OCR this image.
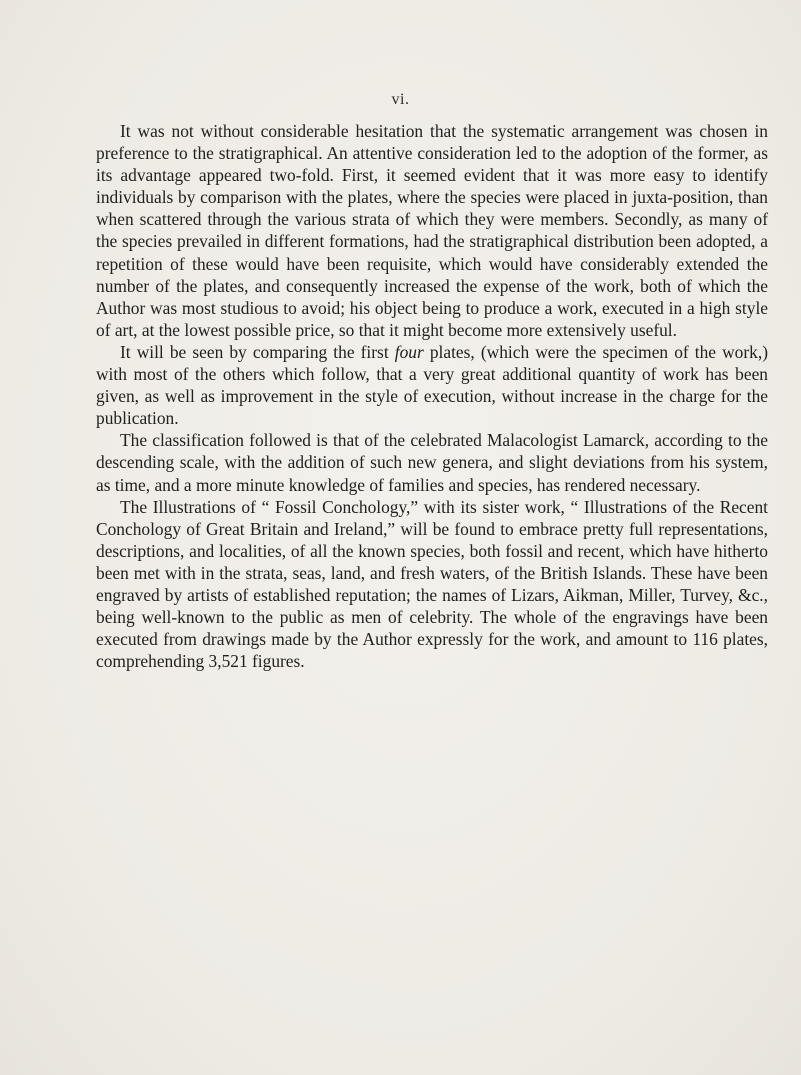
vi.

It was not without considerable hesitation that the systematic arrangement was chosen in preference to the stratigraphical. An attentive consideration led to the adoption of the former, as its advantage appeared two-fold. First, it seemed evident that it was more easy to identify individuals by comparison with the plates, where the species were placed in juxta-position, than when scattered through the various strata of which they were members. Secondly, as many of the species prevailed in different formations, had the stratigraphical distribution been adopted, a repetition of these would have been requisite, which would have considerably extended the number of the plates, and consequently increased the expense of the work, both of which the Author was most studious to avoid; his object being to produce a work, executed in a high style of art, at the lowest possible price, so that it might become more extensively useful.

It will be seen by comparing the first four plates, (which were the specimen of the work,) with most of the others which follow, that a very great additional quantity of work has been given, as well as improvement in the style of execution, without increase in the charge for the publication.

The classification followed is that of the celebrated Malacologist Lamarck, according to the descending scale, with the addition of such new genera, and slight deviations from his system, as time, and a more minute knowledge of families and species, has rendered necessary.

The Illustrations of “ Fossil Conchology,” with its sister work, “ Illustrations of the Recent Conchology of Great Britain and Ireland,” will be found to embrace pretty full representations, descriptions, and localities, of all the known species, both fossil and recent, which have hitherto been met with in the strata, seas, land, and fresh waters, of the British Islands. These have been engraved by artists of established reputation; the names of Lizars, Aikman, Miller, Turvey, &c., being well-known to the public as men of celebrity. The whole of the engravings have been executed from drawings made by the Author expressly for the work, and amount to 116 plates, comprehending 3,521 figures.
